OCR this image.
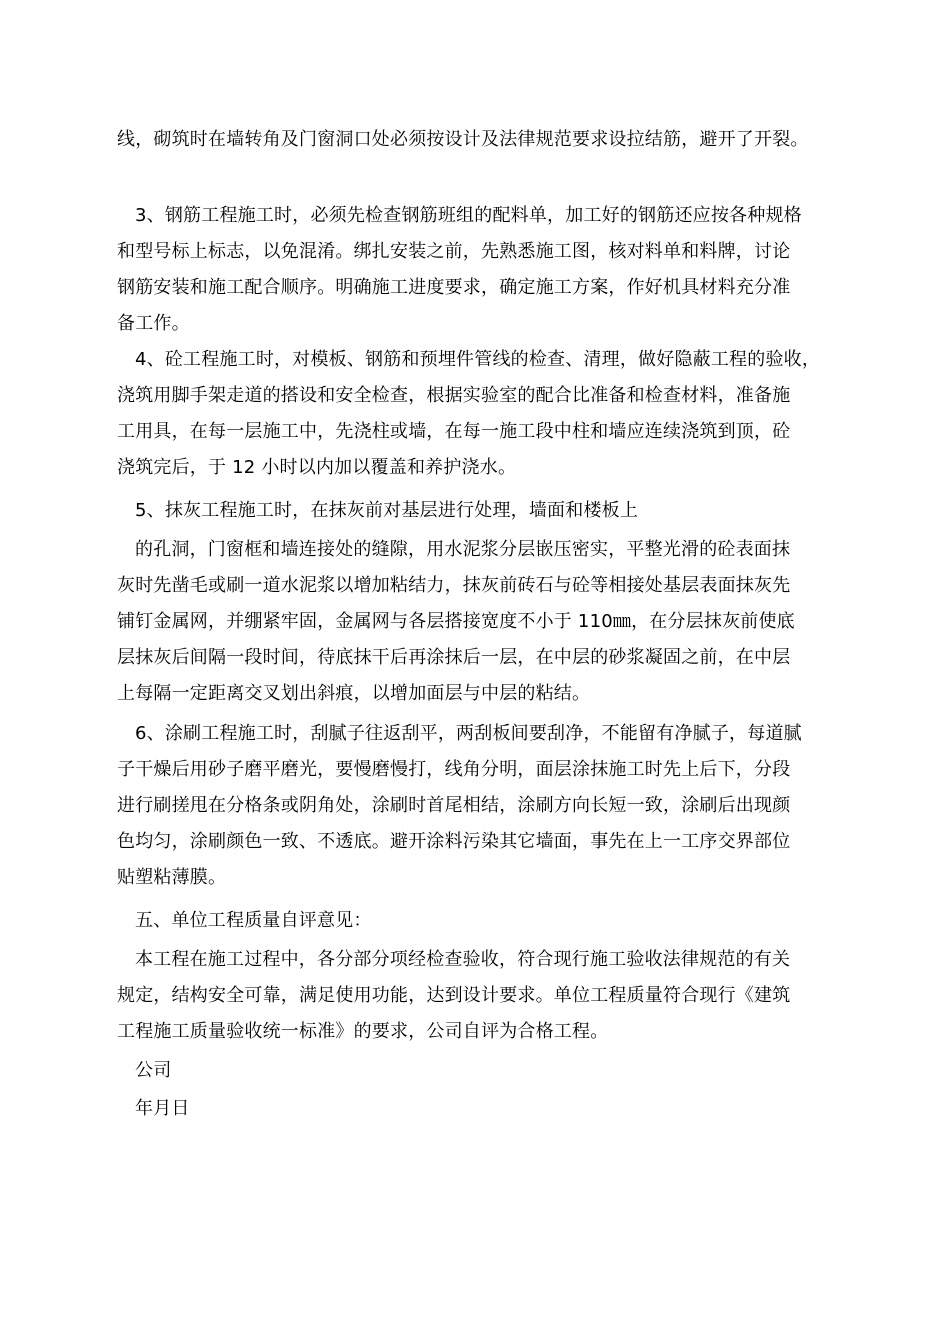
线，砌筑时在墙转角及门窗洞口处必须按设计及法律规范要求设拉结筋，避开了开裂。
3、钢筋工程施工时，必须先检查钢筋班组的配料单，加工好的钢筋还应按各种规格
和型号标上标志，以免混淆。绑扎安装之前，先熟悉施工图，核对料单和料牌，讨论
钢筋安装和施工配合顺序。明确施工进度要求，确定施工方案，作好机具材料充分准
备工作。
4、砼工程施工时，对模板、钢筋和预埋件管线的检查、清理，做好隐蔽工程的验收，
浇筑用脚手架走道的搭设和安全检查，根据实验室的配合比准备和检查材料，准备施
工用具，在每一层施工中，先浇柱或墙，在每一施工段中柱和墙应连续浇筑到顶，砼
浇筑完后，于 12 小时以内加以覆盖和养护浇水。
5、抹灰工程施工时，在抹灰前对基层进行处理，墙面和楼板上
的孔洞，门窗框和墙连接处的缝隙，用水泥浆分层嵌压密实，平整光滑的砼表面抹
灰时先凿毛或刷一道水泥浆以增加粘结力，抹灰前砖石与砼等相接处基层表面抹灰先
铺钉金属网，并绷紧牢固，金属网与各层搭接宽度不小于 110㎜，在分层抹灰前使底
层抹灰后间隔一段时间，待底抹干后再涂抹后一层，在中层的砂浆凝固之前，在中层
上每隔一定距离交叉划出斜痕，以增加面层与中层的粘结。
6、涂刷工程施工时，刮腻子往返刮平，两刮板间要刮净，不能留有净腻子，每道腻
子干燥后用砂子磨平磨光，要慢磨慢打，线角分明，面层涂抹施工时先上后下，分段
进行刷搓甩在分格条或阴角处，涂刷时首尾相结，涂刷方向长短一致，涂刷后出现颜
色均匀，涂刷颜色一致、不透底。避开涂料污染其它墙面，事先在上一工序交界部位
贴塑粘薄膜。
五、单位工程质量自评意见：
本工程在施工过程中，各分部分项经检查验收，符合现行施工验收法律规范的有关
规定，结构安全可靠，满足使用功能，达到设计要求。单位工程质量符合现行《建筑
工程施工质量验收统一标准》的要求，公司自评为合格工程。
公司
年月日
